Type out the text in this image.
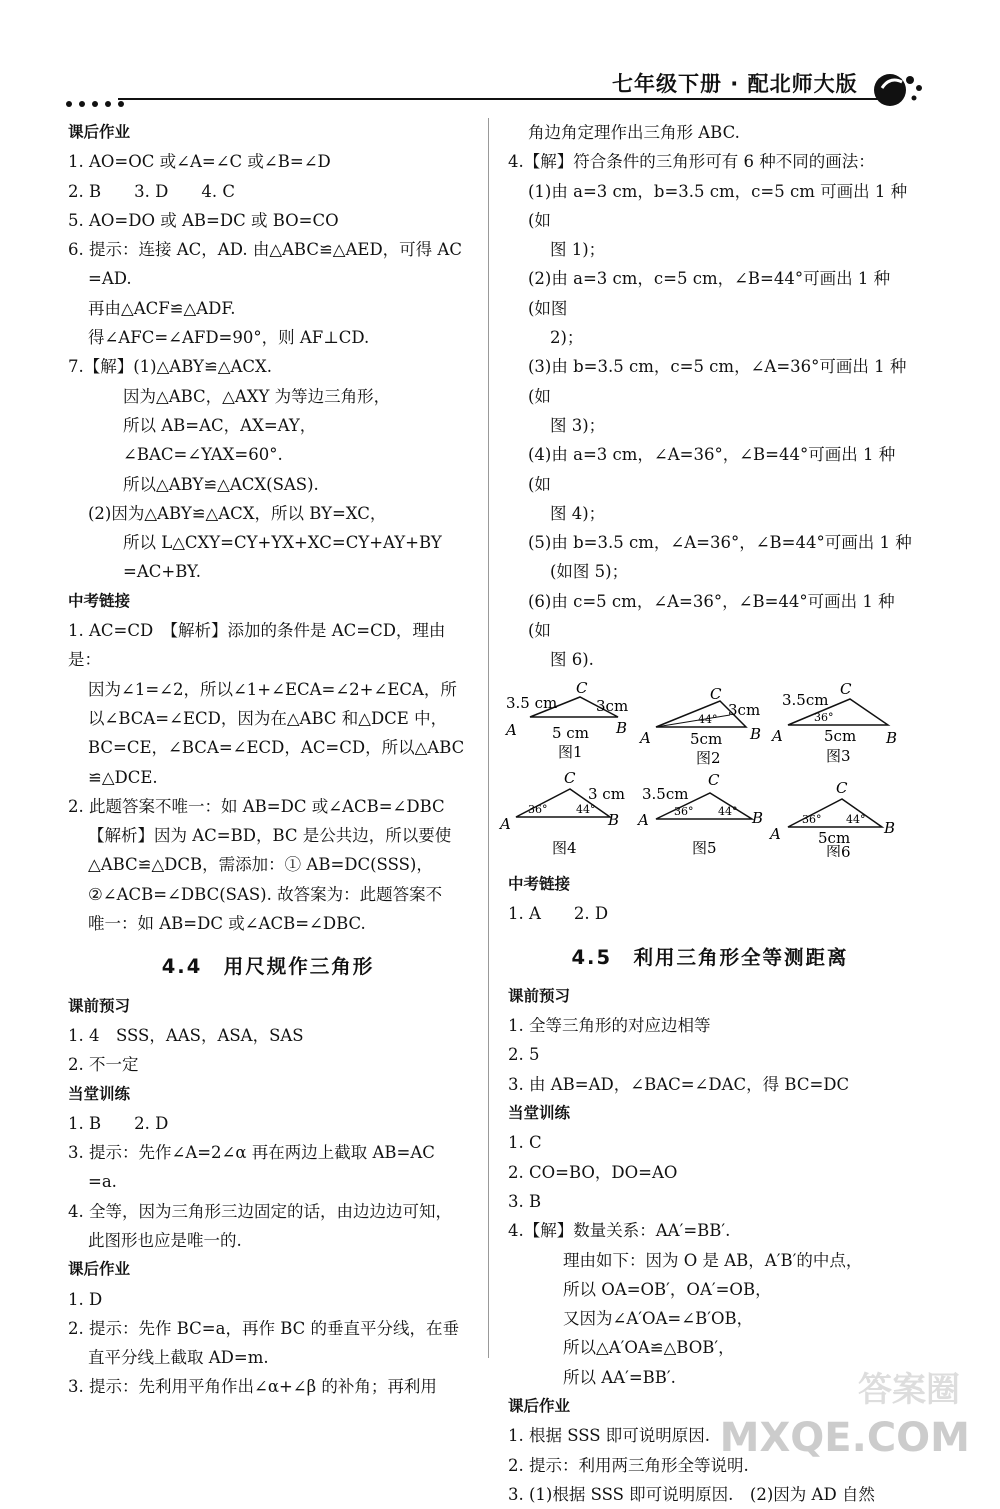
七年级下册 · 配北师大版
课后作业
1. AO=OC 或∠A=∠C 或∠B=∠D
2. B　　3. D　　4. C
5. AO=DO 或 AB=DC 或 BO=CO
6. 提示：连接 AC，AD. 由△ABC≌△AED，可得 AC
=AD.
再由△ACF≌△ADF.
得∠AFC=∠AFD=90°，则 AF⊥CD.
7.【解】(1)△ABY≌△ACX.
因为△ABC，△AXY 为等边三角形，
所以 AB=AC，AX=AY，∠BAC=∠YAX=60°.
所以△ABY≌△ACX(SAS).
(2)因为△ABY≌△ACX，所以 BY=XC，
所以 L△CXY=CY+YX+XC=CY+AY+BY
=AC+BY.
中考链接
1. AC=CD　【解析】添加的条件是 AC=CD，理由是：
因为∠1=∠2，所以∠1+∠ECA=∠2+∠ECA，所
以∠BCA=∠ECD，因为在△ABC 和△DCE 中，
BC=CE，∠BCA=∠ECD，AC=CD，所以△ABC
≌△DCE.
2. 此题答案不唯一：如 AB=DC 或∠ACB=∠DBC
【解析】因为 AC=BD，BC 是公共边，所以要使
△ABC≌△DCB，需添加：① AB=DC(SSS)，
②∠ACB=∠DBC(SAS). 故答案为：此题答案不
唯一：如 AB=DC 或∠ACB=∠DBC.
4.4　用尺规作三角形
课前预习
1. 4　SSS，AAS，ASA，SAS
2. 不一定
当堂训练
1. B　　2. D
3. 提示：先作∠A=2∠α 再在两边上截取 AB=AC
=a.
4. 全等，因为三角形三边固定的话，由边边边可知，
此图形也应是唯一的.
课后作业
1. D
2. 提示：先作 BC=a，再作 BC 的垂直平分线，在垂
直平分线上截取 AD=m.
3. 提示：先利用平角作出∠α+∠β 的补角；再利用
角边角定理作出三角形 ABC.
4.【解】符合条件的三角形可有 6 种不同的画法：
(1)由 a=3 cm，b=3.5 cm，c=5 cm 可画出 1 种(如
图 1)；
(2)由 a=3 cm，c=5 cm，∠B=44°可画出 1 种(如图
2)；
(3)由 b=3.5 cm，c=5 cm，∠A=36°可画出 1 种(如
图 3)；
(4)由 a=3 cm，∠A=36°，∠B=44°可画出 1 种(如
图 4)；
(5)由 b=3.5 cm，∠A=36°，∠B=44°可画出 1 种
(如图 5)；
(6)由 c=5 cm，∠A=36°，∠B=44°可画出 1 种(如
图 6).
3.5 cm	3cm
5 cm
A	B
C
图1
3cm
44°
5cm
A	B
C
图2
3.5cm
36°
5cm
A	B
C
图3
3 cm
36°	44°
A	B
C
图4
3.5cm
36° 44°
A	B
C
图5
36° 44°
5cm
A	B
C
图6
中考链接
1. A　　2. D
4.5　利用三角形全等测距离
课前预习
1. 全等三角形的对应边相等
2. 5
3. 由 AB=AD，∠BAC=∠DAC，得 BC=DC
当堂训练
1. C
2. CO=BO，DO=AO
3. B
4.【解】数量关系：AA′=BB′.
理由如下：因为 O 是 AB，A′B′的中点，
所以 OA=OB′，OA′=OB，
又因为∠A′OA=∠B′OB，
所以△A′OA≌△BOB′，
所以 AA′=BB′.
课后作业
1. 根据 SSS 即可说明原因.
2. 提示：利用两三角形全等说明.
3. (1)根据 SSS 即可说明原因.　(2)因为 AD 自然
答案圈
MXQE.COM
